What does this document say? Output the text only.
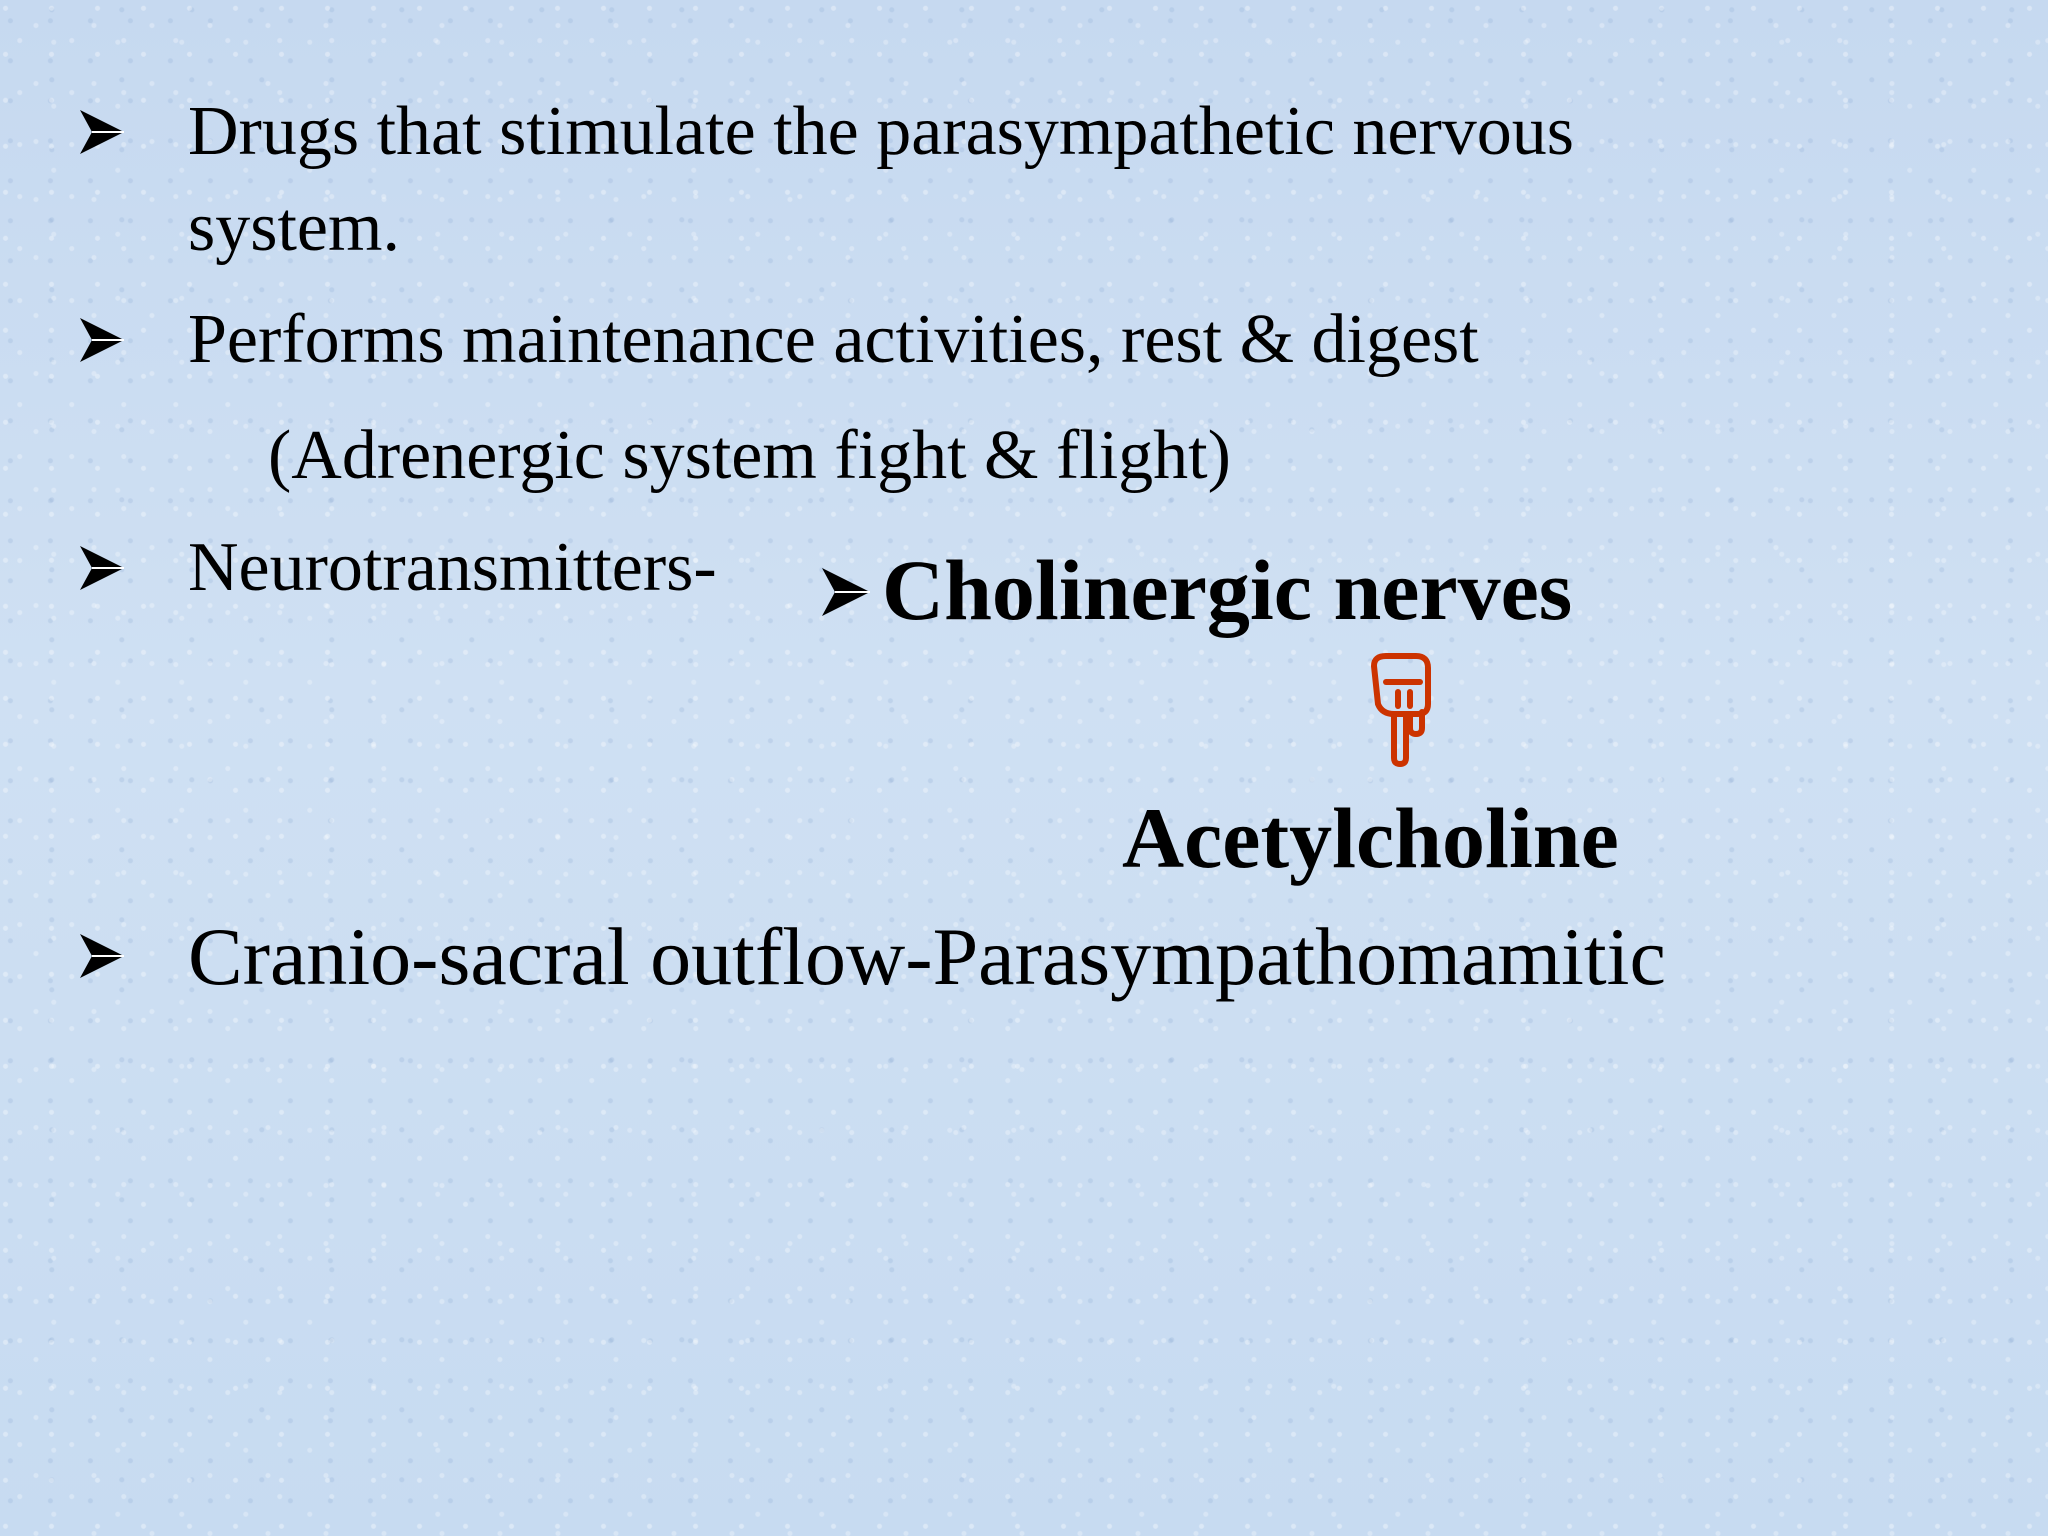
Drugs that stimulate the parasympathetic nervous
system.
Performs maintenance activities, rest & digest
(Adrenergic system fight & flight)
Neurotransmitters- Cholinergic nerves
Acetylcholine
Cranio-sacral outflow-Parasympathomamitic
